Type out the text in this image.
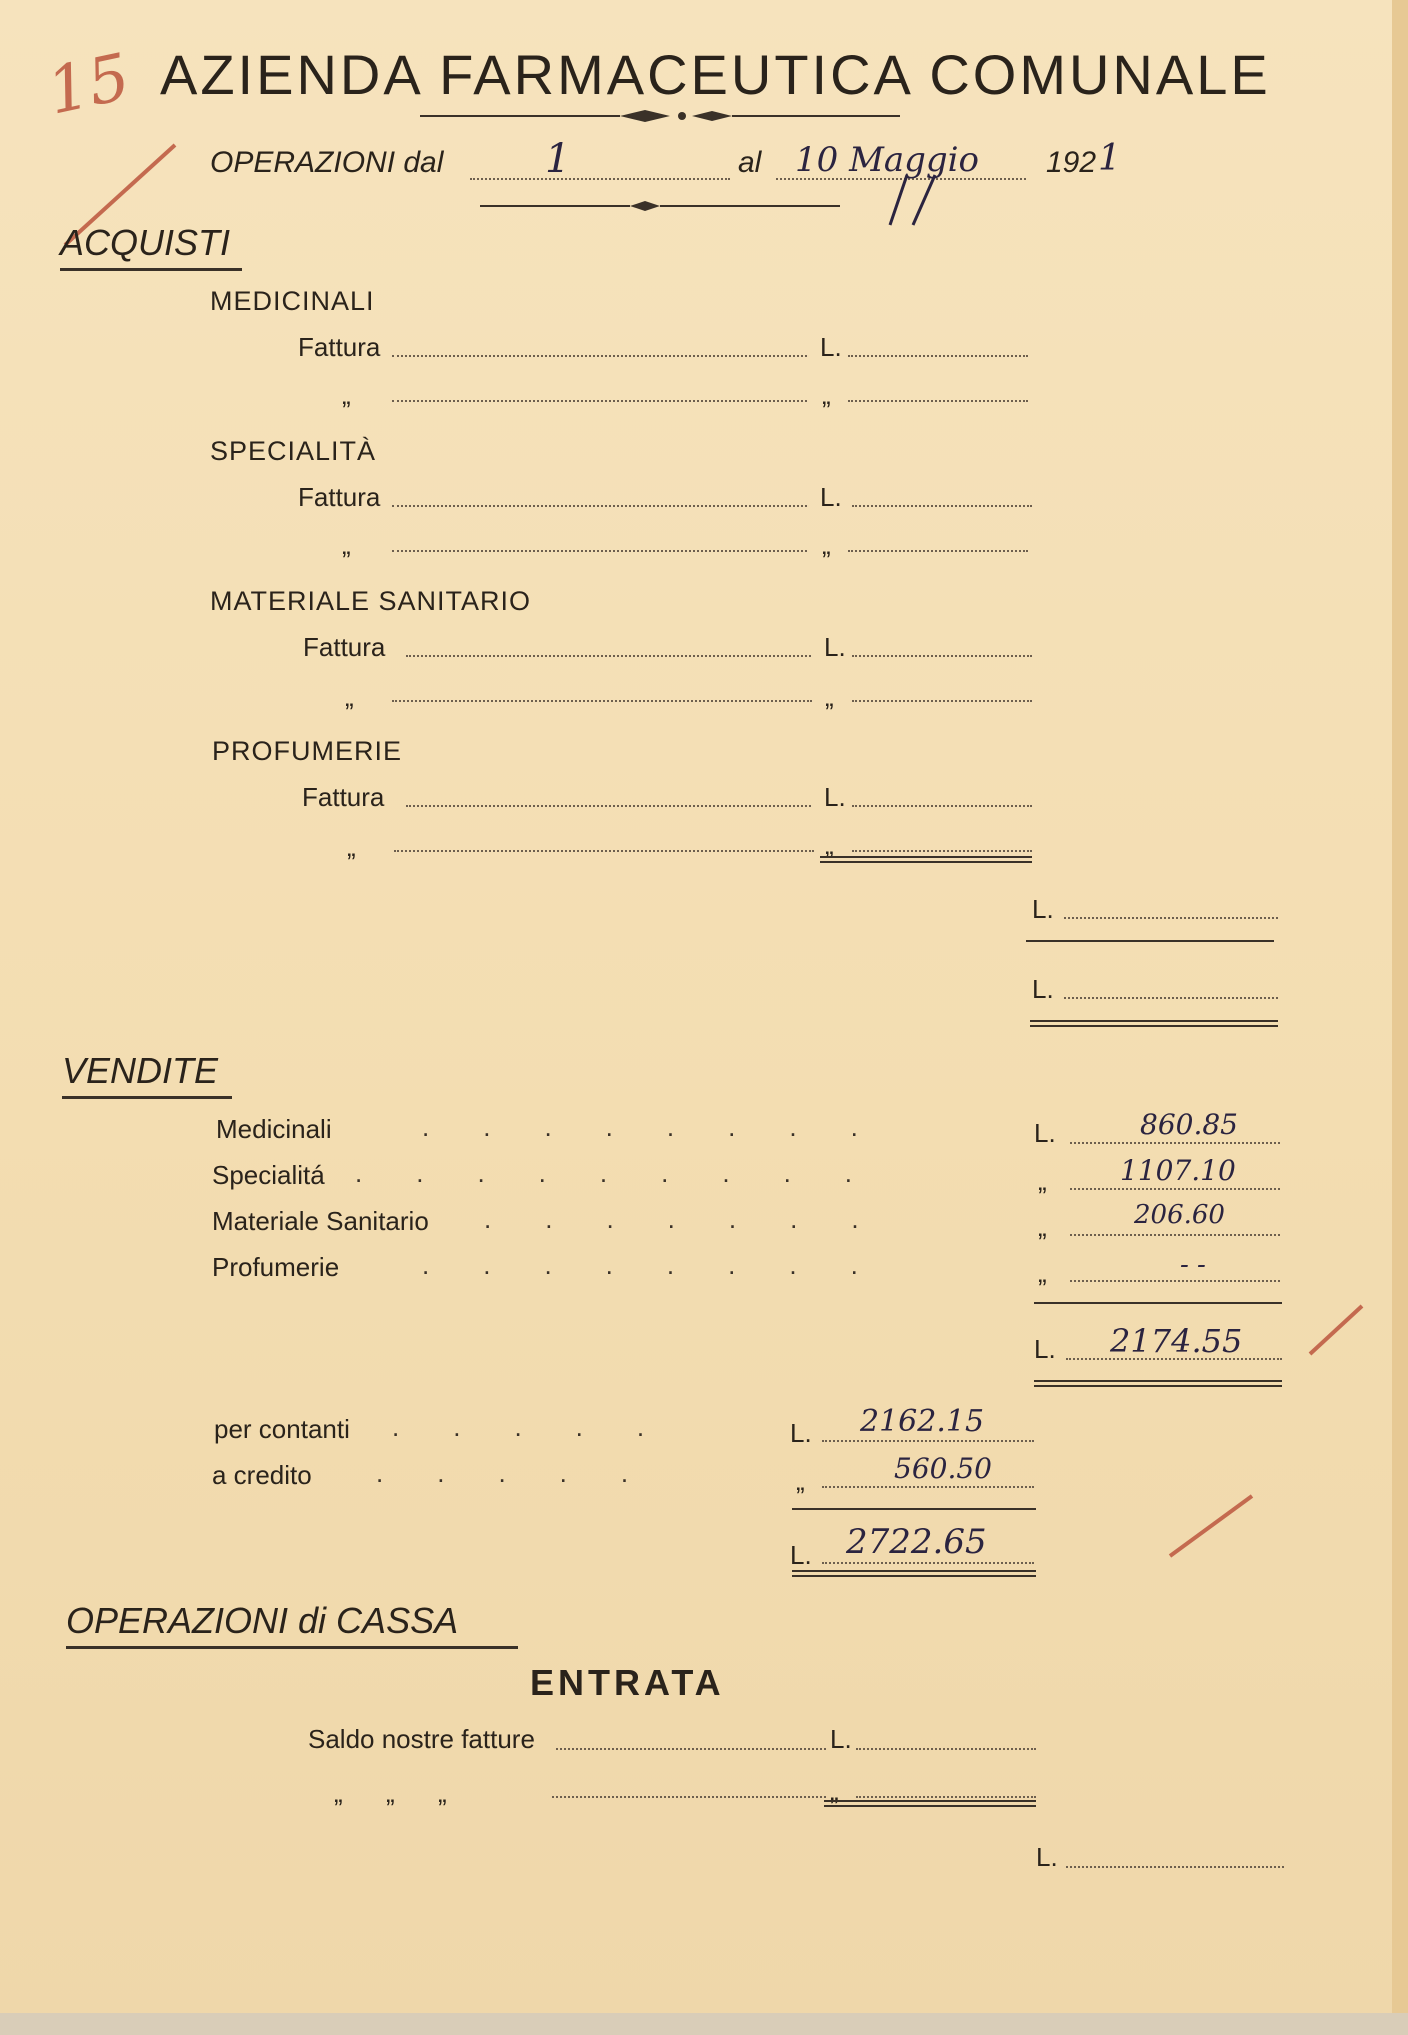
15 AZIENDA FARMACEUTICA COMUNALE
OPERAZIONI dal	1	al 10 Maggio 192 1
ACQUISTI
MEDICINALI
Fattura	L.
„	„
SPECIALITÀ
Fattura	L.
„	„
MATERIALE SANITARIO
Fattura	L.
„	„
PROFUMERIE
Fattura	L.
„	„
L.
L.
VENDITE
Medicinali	........	L.	860.85
Specialitá .........	„	1107.10
Materiale Sanitario .......	„	206.60
Profumerie	........	„	- -
L. 2174.55
per contanti .....	L. 2162.15
a credito .....	„	560.50
L. 2722.65
OPERAZIONI di CASSA
ENTRATA
Saldo nostre fatture	L.
„      „      „	„
L.
